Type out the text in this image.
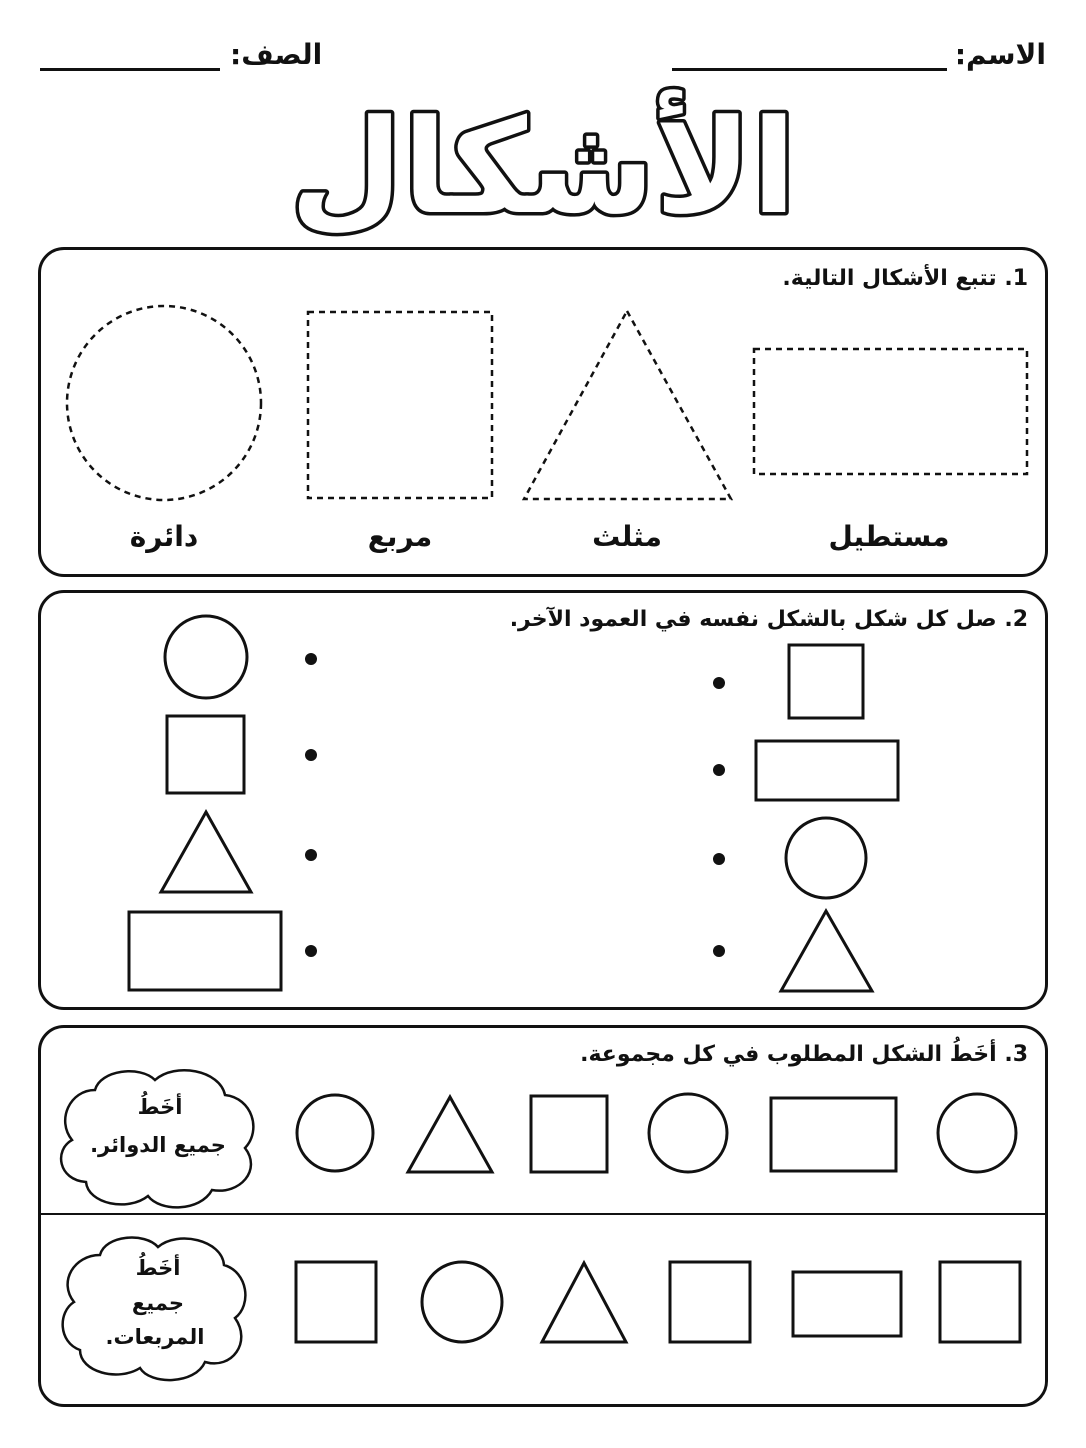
الاسم:
الصف:
الأشكال
1. تتبع الأشكال التالية.
مستطيل
مثلث
مربع
دائرة
2. صل كل شكل بالشكل نفسه في العمود الآخر.
3. أخَطُ الشكل المطلوب في كل مجموعة.
أخَطُ
جميع الدوائر.
أخَطُ
جميع
المربعات.
